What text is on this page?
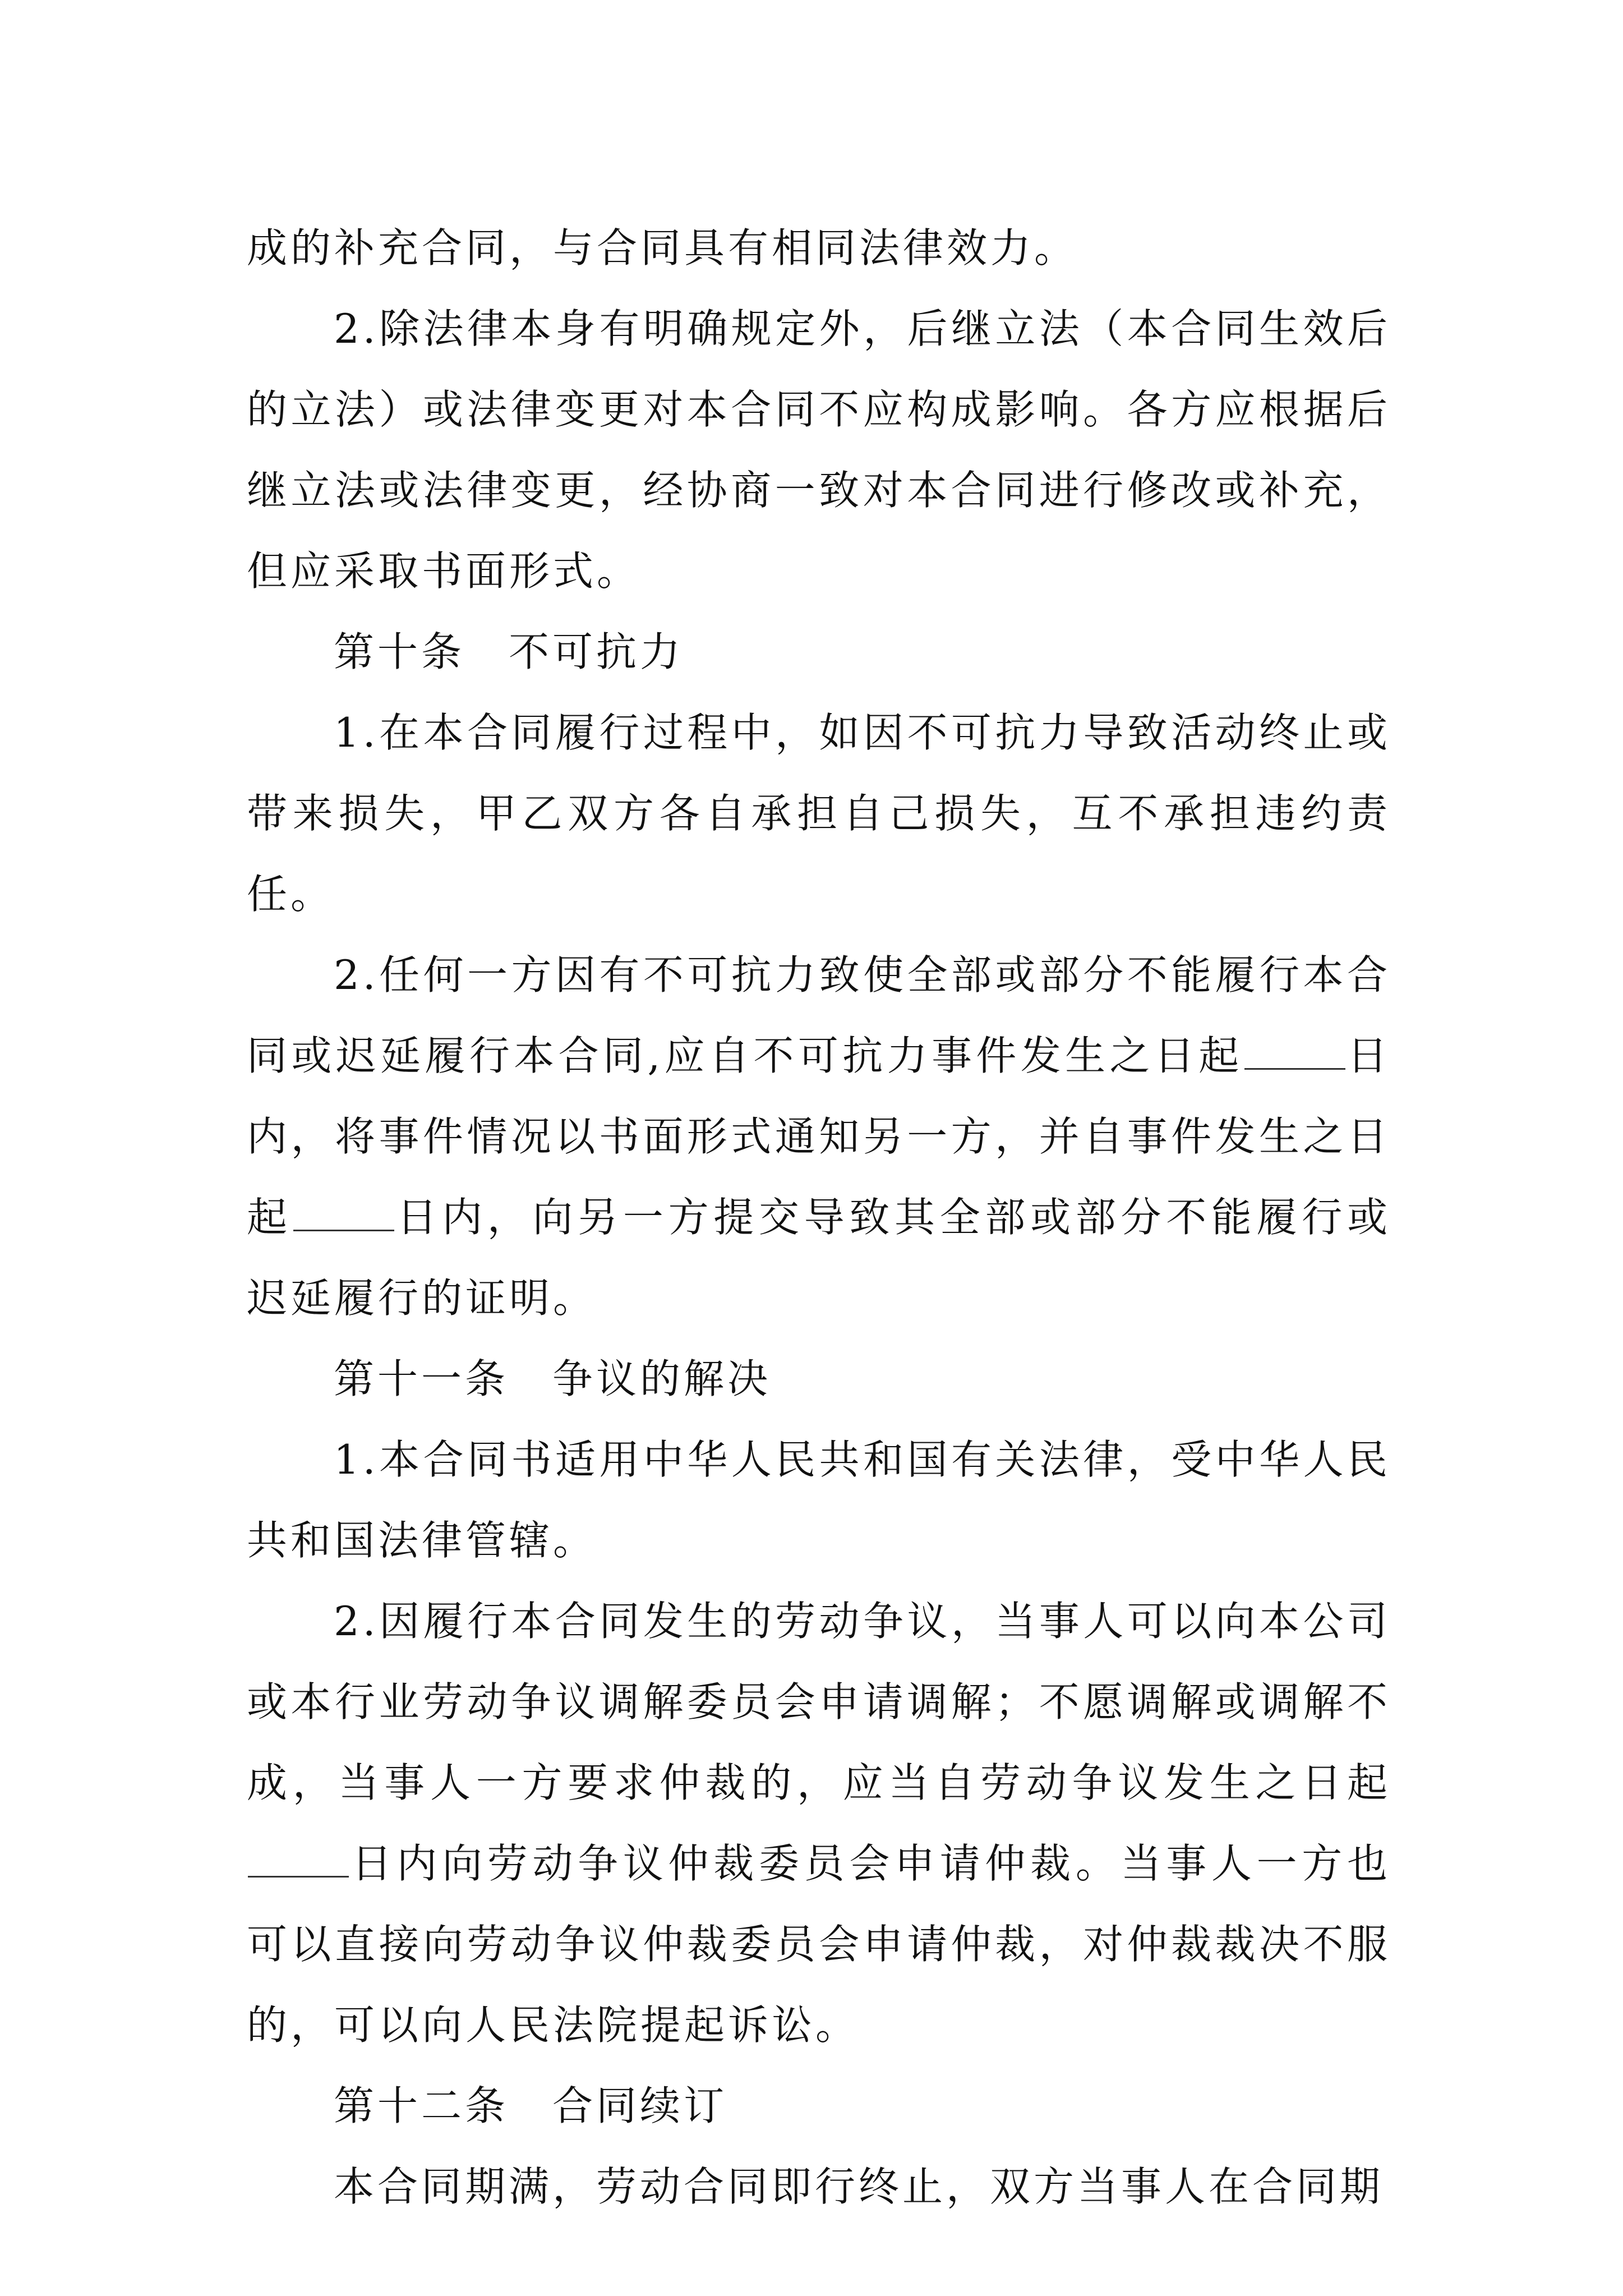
成的补充合同，与合同具有相同法律效力。

2.除法律本身有明确规定外，后继立法（本合同生效后的立法）或法律变更对本合同不应构成影响。各方应根据后继立法或法律变更，经协商一致对本合同进行修改或补充，但应采取书面形式。

第十条　不可抗力

1.在本合同履行过程中，如因不可抗力导致活动终止或带来损失，甲乙双方各自承担自己损失，互不承担违约责任。

2.任何一方因有不可抗力致使全部或部分不能履行本合同或迟延履行本合同,应自不可抗力事件发生之日起	日内，将事件情况以书面形式通知另一方，并自事件发生之日起	日内，向另一方提交导致其全部或部分不能履行或迟延履行的证明。

第十一条　争议的解决

1.本合同书适用中华人民共和国有关法律，受中华人民共和国法律管辖。

2.因履行本合同发生的劳动争议，当事人可以向本公司或本行业劳动争议调解委员会申请调解；不愿调解或调解不成，当事人一方要求仲裁的，应当自劳动争议发生之日起日内向劳动争议仲裁委员会申请仲裁。当事人一方也可以直接向劳动争议仲裁委员会申请仲裁，对仲裁裁决不服的，可以向人民法院提起诉讼。

第十二条　合同续订

本合同期满，劳动合同即行终止，双方当事人在合同期
